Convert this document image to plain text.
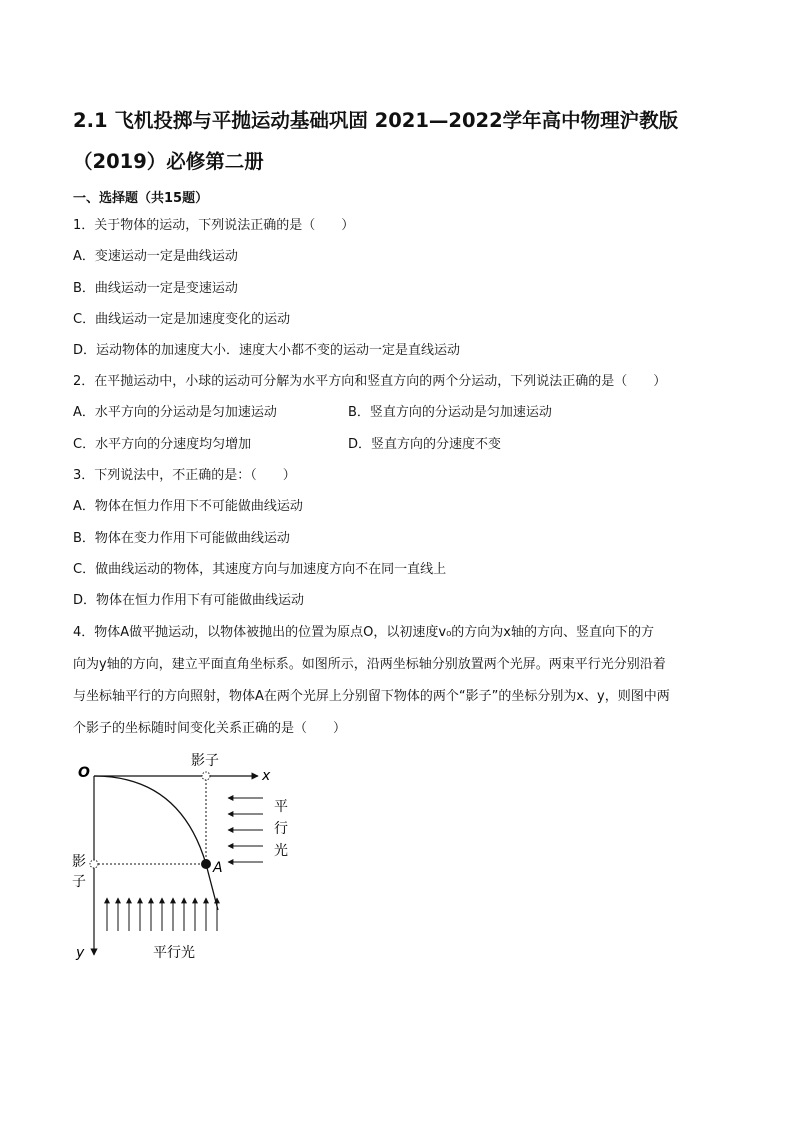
2.1 飞机投掷与平抛运动基础巩固 2021—2022学年高中物理沪教版
（2019）必修第二册
一、选择题（共15题）
1．关于物体的运动，下列说法正确的是（　　）
A．变速运动一定是曲线运动
B．曲线运动一定是变速运动
C．曲线运动一定是加速度变化的运动
D．运动物体的加速度大小．速度大小都不变的运动一定是直线运动
2．在平抛运动中，小球的运动可分解为水平方向和竖直方向的两个分运动，下列说法正确的是（　　）
A．水平方向的分运动是匀加速运动	B．竖直方向的分运动是匀加速运动
C．水平方向的分速度均匀增加	D．竖直方向的分速度不变
3．下列说法中，不正确的是：（　　）
A．物体在恒力作用下不可能做曲线运动
B．物体在变力作用下可能做曲线运动
C．做曲线运动的物体，其速度方向与加速度方向不在同一直线上
D．物体在恒力作用下有可能做曲线运动
4．物体A做平抛运动，以物体被抛出的位置为原点O，以初速度v₀的方向为x轴的方向、竖直向下的方
向为y轴的方向，建立平面直角坐标系。如图所示，沿两坐标轴分别放置两个光屏。两束平行光分别沿着
与坐标轴平行的方向照射，物体A在两个光屏上分别留下物体的两个“影子”的坐标分别为x、y，则图中两
个影子的坐标随时间变化关系正确的是（　　）
O	x
y
影子
影
子
A
平
行
光
平行光
